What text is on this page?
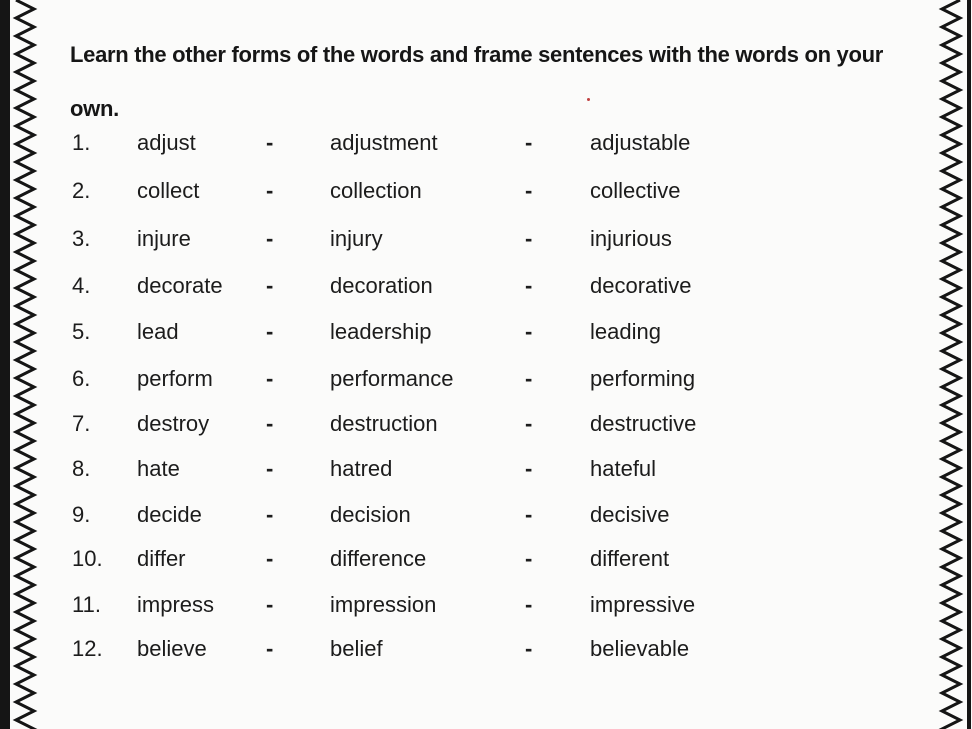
Learn the other forms of the words and frame sentences with the words on your own.

1. adjust	-	adjustment	-	adjustable
2. collect	-	collection	-	collective
3. injure	-	injury	-	injurious
4. decorate -	decoration	-	decorative
5. lead	-	leadership	-	leading
6. perform -	performance	-	performing
7. destroy	-	destruction	-	destructive
8. hate	-	hatred	-	hateful
9. decide	-	decision	-	decisive
10. differ	-	difference	-	different
11. impress -	impression	-	impressive
12. believe	-	belief	-	believable
